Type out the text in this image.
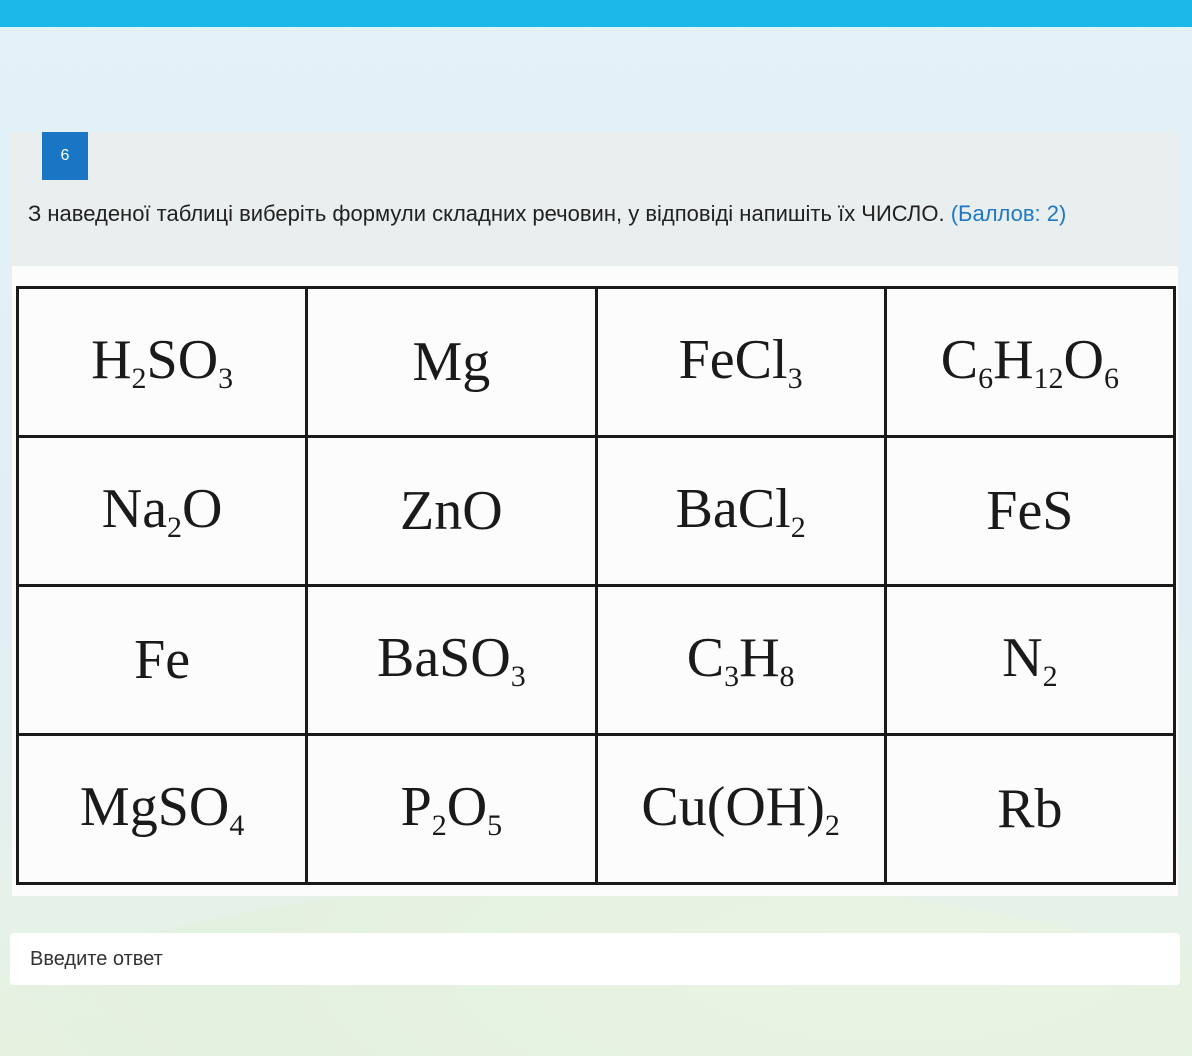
6
З наведеної таблиці виберіть формули складних речовин, у відповіді напишіть їх ЧИСЛО. (Баллов: 2)
$H_2SO_3$	Mg	FeCl$_3$	$C_6H_{12}O_6$
$Na_2O$	ZnO	BaCl$_2$	FeS
Fe	BaSO$_3$	$C_3H_8$	$N_2$
MgSO$_4$	$P_2O_5$	$Cu(OH)_2$	Rb
Введите ответ
